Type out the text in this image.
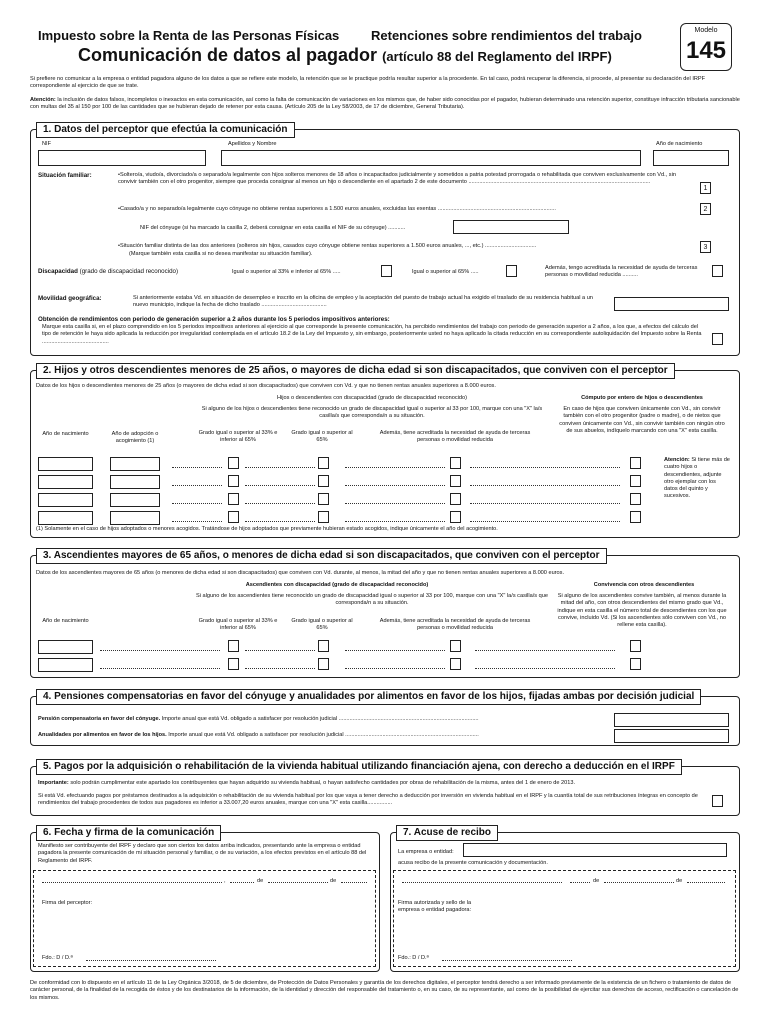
Impuesto sobre la Renta de las Personas Físicas Retenciones sobre rendimientos del trabajo
Comunicación de datos al pagador (artículo 88 del Reglamento del IRPF)
Modelo
145
Si prefiere no comunicar a la empresa o entidad pagadora alguno de los datos a que se refiere este modelo, la retención que se le practique podría resultar superior a la procedente. En tal caso, podrá recuperar la diferencia, si procede, al presentar su declaración del IRPF correspondiente al ejercicio de que se trate.
Atención: la inclusión de datos falsos, incompletos o inexactos en esta comunicación, así como la falta de comunicación de variaciones en los mismos que, de haber sido conocidas por el pagador, hubieran determinado una retención superior, constituye infracción tributaria sancionable con multas del 35 al 150 por 100 de las cantidades que se hubieran dejado de retener por esta causa. (Artículo 205 de la Ley 58/2003, de 17 de diciembre, General Tributaria).
1. Datos del perceptor que efectúa la comunicación
NIF	Apellidos y Nombre	Año de nacimiento
Situación familiar:
•	Soltero/a, viudo/a, divorciado/a o separado/a legalmente con hijos solteros menores de 18 años o incapacitados judicialmente y sometidos a patria potestad prorrogada o rehabilitada que conviven exclusivamente con Vd., sin convivir también con el otro progenitor, siempre que proceda consignar al menos un hijo o descendiente en el apartado 2 de este documento .....................................................................................................................
1
• Casado/a y no separado/a legalmente cuyo cónyuge no obtiene rentas superiores a 1.500 euros anuales, excluidas las exentas ............................................................................	2
NIF del cónyuge (si ha marcado la casilla 2, deberá consignar en esta casilla el NIF de su cónyuge) ...........
• Situación familiar distinta de las dos anteriores (solteros sin hijos, casados cuyo cónyuge obtiene rentas superiores a 1.500 euros anuales, ..., etc.) .................................
(Marque también esta casilla si no desea manifestar su situación familiar).
3
Discapacidad (grado de discapacidad reconocido)	Igual o superior al 33% e inferior al 65% .....	Igual o superior al 65% .....
Además, tengo acreditada la necesidad de ayuda de terceras personas o movilidad reducida ..........
Movilidad geográfica:	Si anteriormente estaba Vd. en situación de desempleo e inscrito en la oficina de empleo y la aceptación del puesto de trabajo actual ha exigido el traslado de su residencia habitual a un nuevo municipio, indique la fecha de dicho traslado ..........................................
Obtención de rendimientos con periodo de generación superior a 2 años durante los 5 periodos impositivos anteriores:
Marque esta casilla si, en el plazo comprendido en los 5 periodos impositivos anteriores al ejercicio al que corresponde la presente comunicación, ha percibido rendimientos del trabajo con periodo de generación superior a 2 años, a los que, a efectos del cálculo del tipo de retención le haya sido aplicada la reducción por irregularidad contemplada en el artículo 18.2 de la Ley del Impuesto y, sin embargo, posteriormente usted no haya aplicado la citada reducción en su correspondiente autoliquidación del Impuesto sobre la Renta ...........................................
2. Hijos y otros descendientes menores de 25 años, o mayores de dicha edad si son discapacitados, que conviven con el perceptor
Datos de los hijos o descendientes menores de 25 años (o mayores de dicha edad si son discapacitados) que conviven con Vd. y que no tienen rentas anuales superiores a 8.000 euros.
Hijos o descendientes con discapacidad (grado de discapacidad reconocido)
Si alguno de los hijos o descendientes tiene reconocido un grado de discapacidad igual o superior al 33 por 100, marque con una "X" la/s casilla/s que corresponda/n a su situación.
Cómputo por entero de hijos o descendientes
En caso de hijos que conviven únicamente con Vd., sin convivir también con el otro progenitor (padre o madre), o de nietos que conviven únicamente con Vd., sin convivir también con ningún otro de sus abuelos, indíquelo marcando con una "X" esta casilla.
Año de nacimiento	Año de adopción o acogimiento (1)
Grado igual o superior al 33% e inferior al 65%
Grado igual o superior al 65%
Además, tiene acreditada la necesidad de ayuda de terceras personas o movilidad reducida
Atención: Si tiene más de cuatro hijos o descendientes, adjunte otro ejemplar con los datos del quinto y sucesivos.
(1) Solamente en el caso de hijos adoptados o menores acogidos. Tratándose de hijos adoptados que previamente hubieran estado acogidos, indique únicamente el año del acogimiento.
3. Ascendientes mayores de 65 años, o menores de dicha edad si son discapacitados, que conviven con el perceptor
Datos de los ascendientes mayores de 65 años (o menores de dicha edad si son discapacitados) que conviven con Vd. durante, al menos, la mitad del año y que no tienen rentas anuales superiores a 8.000 euros.
Ascendientes con discapacidad (grado de discapacidad reconocido)
Si alguno de los ascendientes tiene reconocido un grado de discapacidad igual o superior al 33 por 100, marque con una "X" la/s casilla/s que corresponda/n a su situación.
Convivencia con otros descendientes
Si alguno de los ascendientes convive también, al menos durante la mitad del año, con otros descendientes del mismo grado que Vd., indique en esta casilla el número total de descendientes con los que convive, incluido Vd. (Si los ascendientes sólo conviven con Vd., no rellene esta casilla).
Año de nacimiento	Grado igual o superior al 33% e inferior al 65%
Grado igual o superior al 65%
Además, tiene acreditada la necesidad de ayuda de terceras personas o movilidad reducida
4. Pensiones compensatorias en favor del cónyuge y anualidades por alimentos en favor de los hijos, fijadas ambas por decisión judicial
Pensión compensatoria en favor del cónyuge. Importe anual que está Vd. obligado a satisfacer por resolución judicial ..........................................................................................
Anualidades por alimentos en favor de los hijos. Importe anual que está Vd. obligado a satisfacer por resolución judicial ......................................................................................
5. Pagos por la adquisición o rehabilitación de la vivienda habitual utilizando financiación ajena, con derecho a deducción en el IRPF
Importante: solo podrán cumplimentar este apartado los contribuyentes que hayan adquirido su vivienda habitual, o hayan satisfecho cantidades por obras de rehabilitación de la misma, antes del 1 de enero de 2013.
Si está Vd. efectuando pagos por préstamos destinados a la adquisición o rehabilitación de su vivienda habitual por los que vaya a tener derecho a deducción por inversión en vivienda habitual en el IRPF y la cuantía total de sus retribuciones íntegras en concepto de rendimientos del trabajo procedentes de todos sus pagadores es inferior a 33.007,20 euros anuales, marque con una "X" esta casilla................
6. Fecha y firma de la comunicación
Manifiesto ser contribuyente del IRPF y declaro que son ciertos los datos arriba indicados, presentando ante la empresa o entidad pagadora la presente comunicación de mi situación personal y familiar, o de su variación, a los efectos previstos en el artículo 88 del Reglamento del IRPF.
,	de	de
Firma del perceptor:
Fdo.: D / D.ª
7. Acuse de recibo
La empresa o entidad:
acusa recibo de la presente comunicación y documentación.
de	de
Firma autorizada y sello de la empresa o entidad pagadora:
Fdo.: D / D.ª
De conformidad con lo dispuesto en el artículo 11 de la Ley Orgánica 3/2018, de 5 de diciembre, de Protección de Datos Personales y garantía de los derechos digitales, el perceptor tendrá derecho a ser informado previamente de la existencia de un fichero o tratamiento de datos de carácter personal, de la finalidad de la recogida de éstos y de los destinatarios de la información, de la identidad y dirección del responsable del tratamiento o, en su caso, de su representante, así como de la posibilidad de ejercitar sus derechos de acceso, rectificación o cancelación de los mismos.
